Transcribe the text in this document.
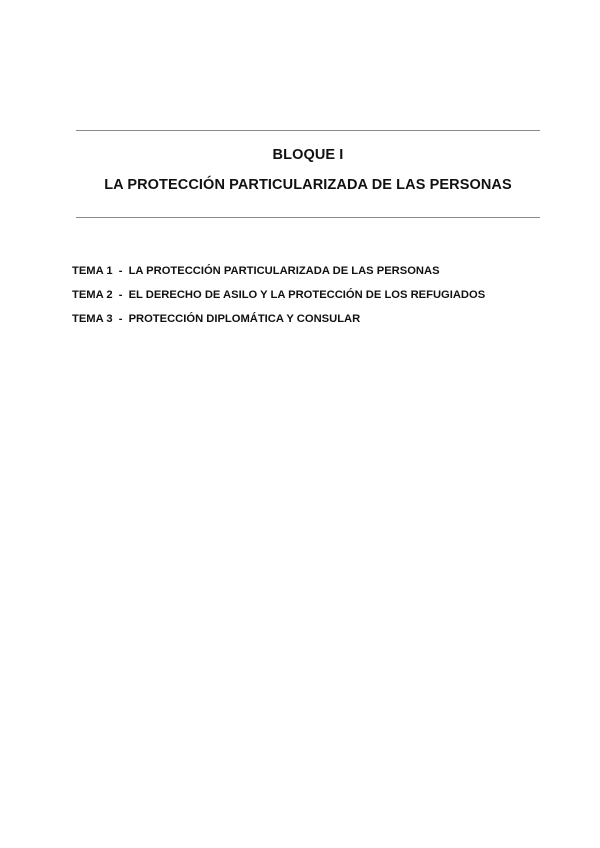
BLOQUE I
LA PROTECCIÓN PARTICULARIZADA DE LAS PERSONAS
TEMA 1 - LA PROTECCIÓN PARTICULARIZADA DE LAS PERSONAS
TEMA 2 - EL DERECHO DE ASILO Y LA PROTECCIÓN DE LOS REFUGIADOS
TEMA 3 - PROTECCIÓN DIPLOMÁTICA Y CONSULAR
